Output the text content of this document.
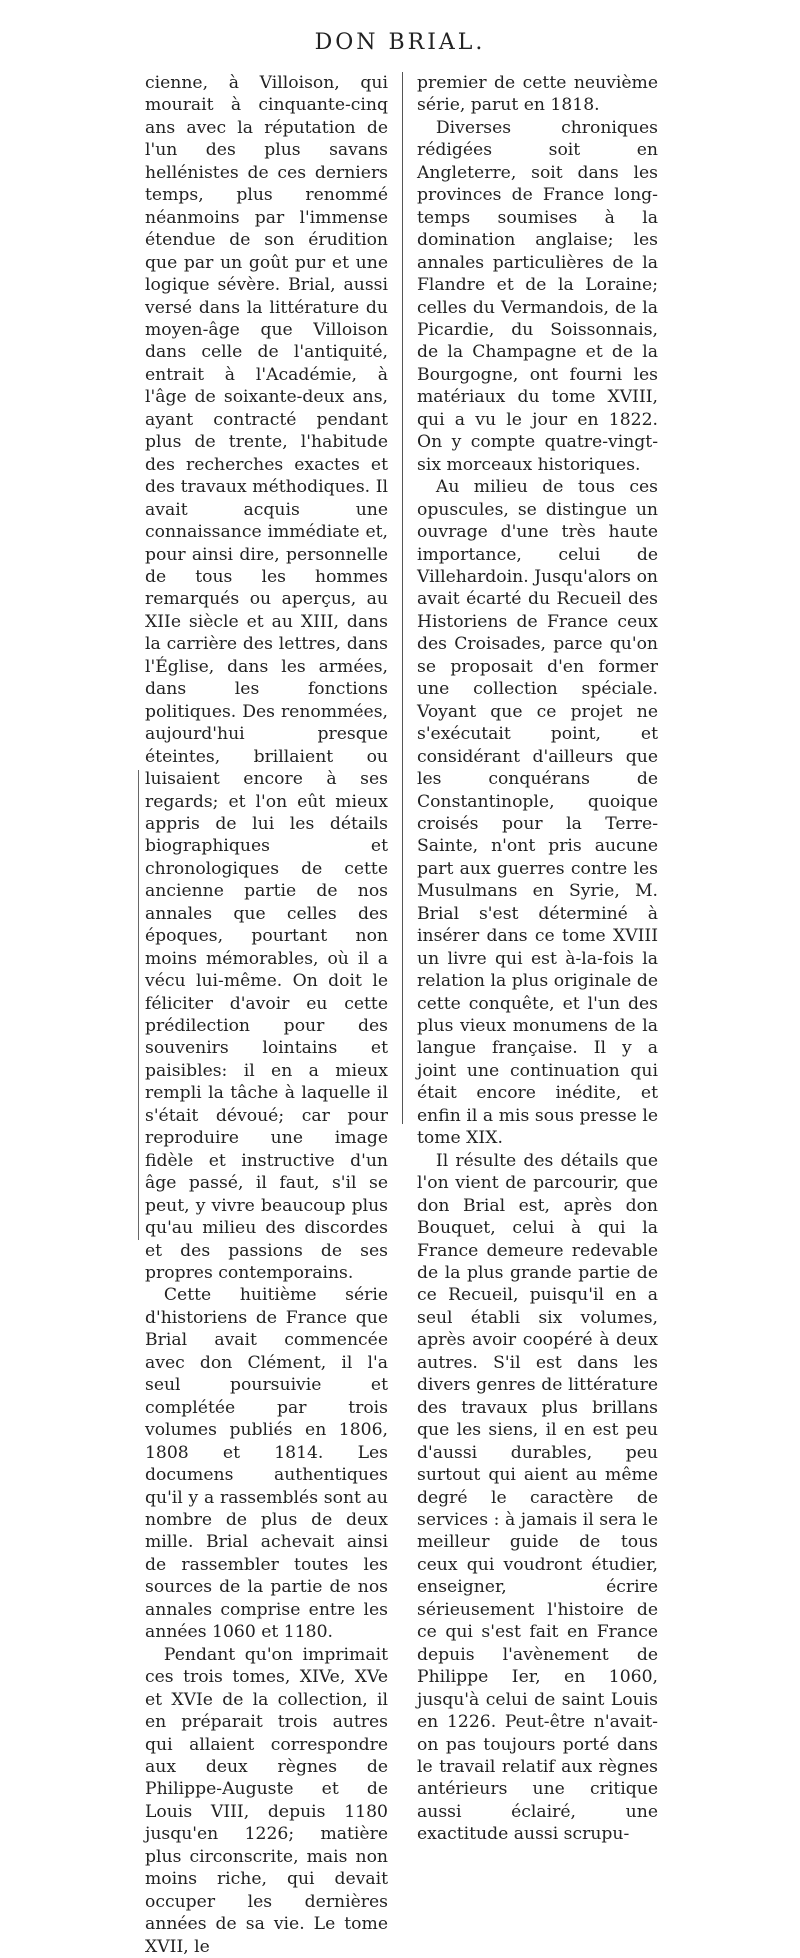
DON BRIAL.

cienne, à Villoison, qui mourait à cinquante-cinq ans avec la réputation de l'un des plus savans hellénistes de ces derniers temps, plus renommé néanmoins par l'immense étendue de son érudition que par un goût pur et une logique sévère. Brial, aussi versé dans la littérature du moyen-âge que Villoison dans celle de l'antiquité, entrait à l'Académie, à l'âge de soixante-deux ans, ayant contracté pendant plus de trente, l'habitude des recherches exactes et des travaux méthodiques. Il avait acquis une connaissance immédiate et, pour ainsi dire, personnelle de tous les hommes remarqués ou aperçus, au XIIe siècle et au XIII, dans la carrière des lettres, dans l'Église, dans les armées, dans les fonctions politiques. Des renommées, aujourd'hui presque éteintes, brillaient ou luisaient encore à ses regards; et l'on eût mieux appris de lui les détails biographiques et chronologiques de cette ancienne partie de nos annales que celles des époques, pourtant non moins mémorables, où il a vécu lui-même. On doit le féliciter d'avoir eu cette prédilection pour des souvenirs lointains et paisibles: il en a mieux rempli la tâche à laquelle il s'était dévoué; car pour reproduire une image fidèle et instructive d'un âge passé, il faut, s'il se peut, y vivre beaucoup plus qu'au milieu des discordes et des passions de ses propres contemporains.

Cette huitième série d'historiens de France que Brial avait commencée avec don Clément, il l'a seul poursuivie et complétée par trois volumes publiés en 1806, 1808 et 1814. Les documens authentiques qu'il y a rassemblés sont au nombre de plus de deux mille. Brial achevait ainsi de rassembler toutes les sources de la partie de nos annales comprise entre les années 1060 et 1180.

Pendant qu'on imprimait ces trois tomes, XIVe, XVe et XVIe de la collection, il en préparait trois autres qui allaient correspondre aux deux règnes de Philippe-Auguste et de Louis VIII, depuis 1180 jusqu'en 1226; matière plus circonscrite, mais non moins riche, qui devait occuper les dernières années de sa vie. Le tome XVII, le

premier de cette neuvième série, parut en 1818.

Diverses chroniques rédigées soit en Angleterre, soit dans les provinces de France long-temps soumises à la domination anglaise; les annales particulières de la Flandre et de la Loraine; celles du Vermandois, de la Picardie, du Soissonnais, de la Champagne et de la Bourgogne, ont fourni les matériaux du tome XVIII, qui a vu le jour en 1822. On y compte quatre-vingt-six morceaux historiques.

Au milieu de tous ces opuscules, se distingue un ouvrage d'une très haute importance, celui de Villehardoin. Jusqu'alors on avait écarté du Recueil des Historiens de France ceux des Croisades, parce qu'on se proposait d'en former une collection spéciale. Voyant que ce projet ne s'exécutait point, et considérant d'ailleurs que les conquérans de Constantinople, quoique croisés pour la Terre-Sainte, n'ont pris aucune part aux guerres contre les Musulmans en Syrie, M. Brial s'est déterminé à insérer dans ce tome XVIII un livre qui est à-la-fois la relation la plus originale de cette conquête, et l'un des plus vieux monumens de la langue française. Il y a joint une continuation qui était encore inédite, et enfin il a mis sous presse le tome XIX.

Il résulte des détails que l'on vient de parcourir, que don Brial est, après don Bouquet, celui à qui la France demeure redevable de la plus grande partie de ce Recueil, puisqu'il en a seul établi six volumes, après avoir coopéré à deux autres. S'il est dans les divers genres de littérature des travaux plus brillans que les siens, il en est peu d'aussi durables, peu surtout qui aient au même degré le caractère de services : à jamais il sera le meilleur guide de tous ceux qui voudront étudier, enseigner, écrire sérieusement l'histoire de ce qui s'est fait en France depuis l'avènement de Philippe Ier, en 1060, jusqu'à celui de saint Louis en 1226. Peut-être n'avait-on pas toujours porté dans le travail relatif aux règnes antérieurs une critique aussi éclairé, une exactitude aussi scrupu-
